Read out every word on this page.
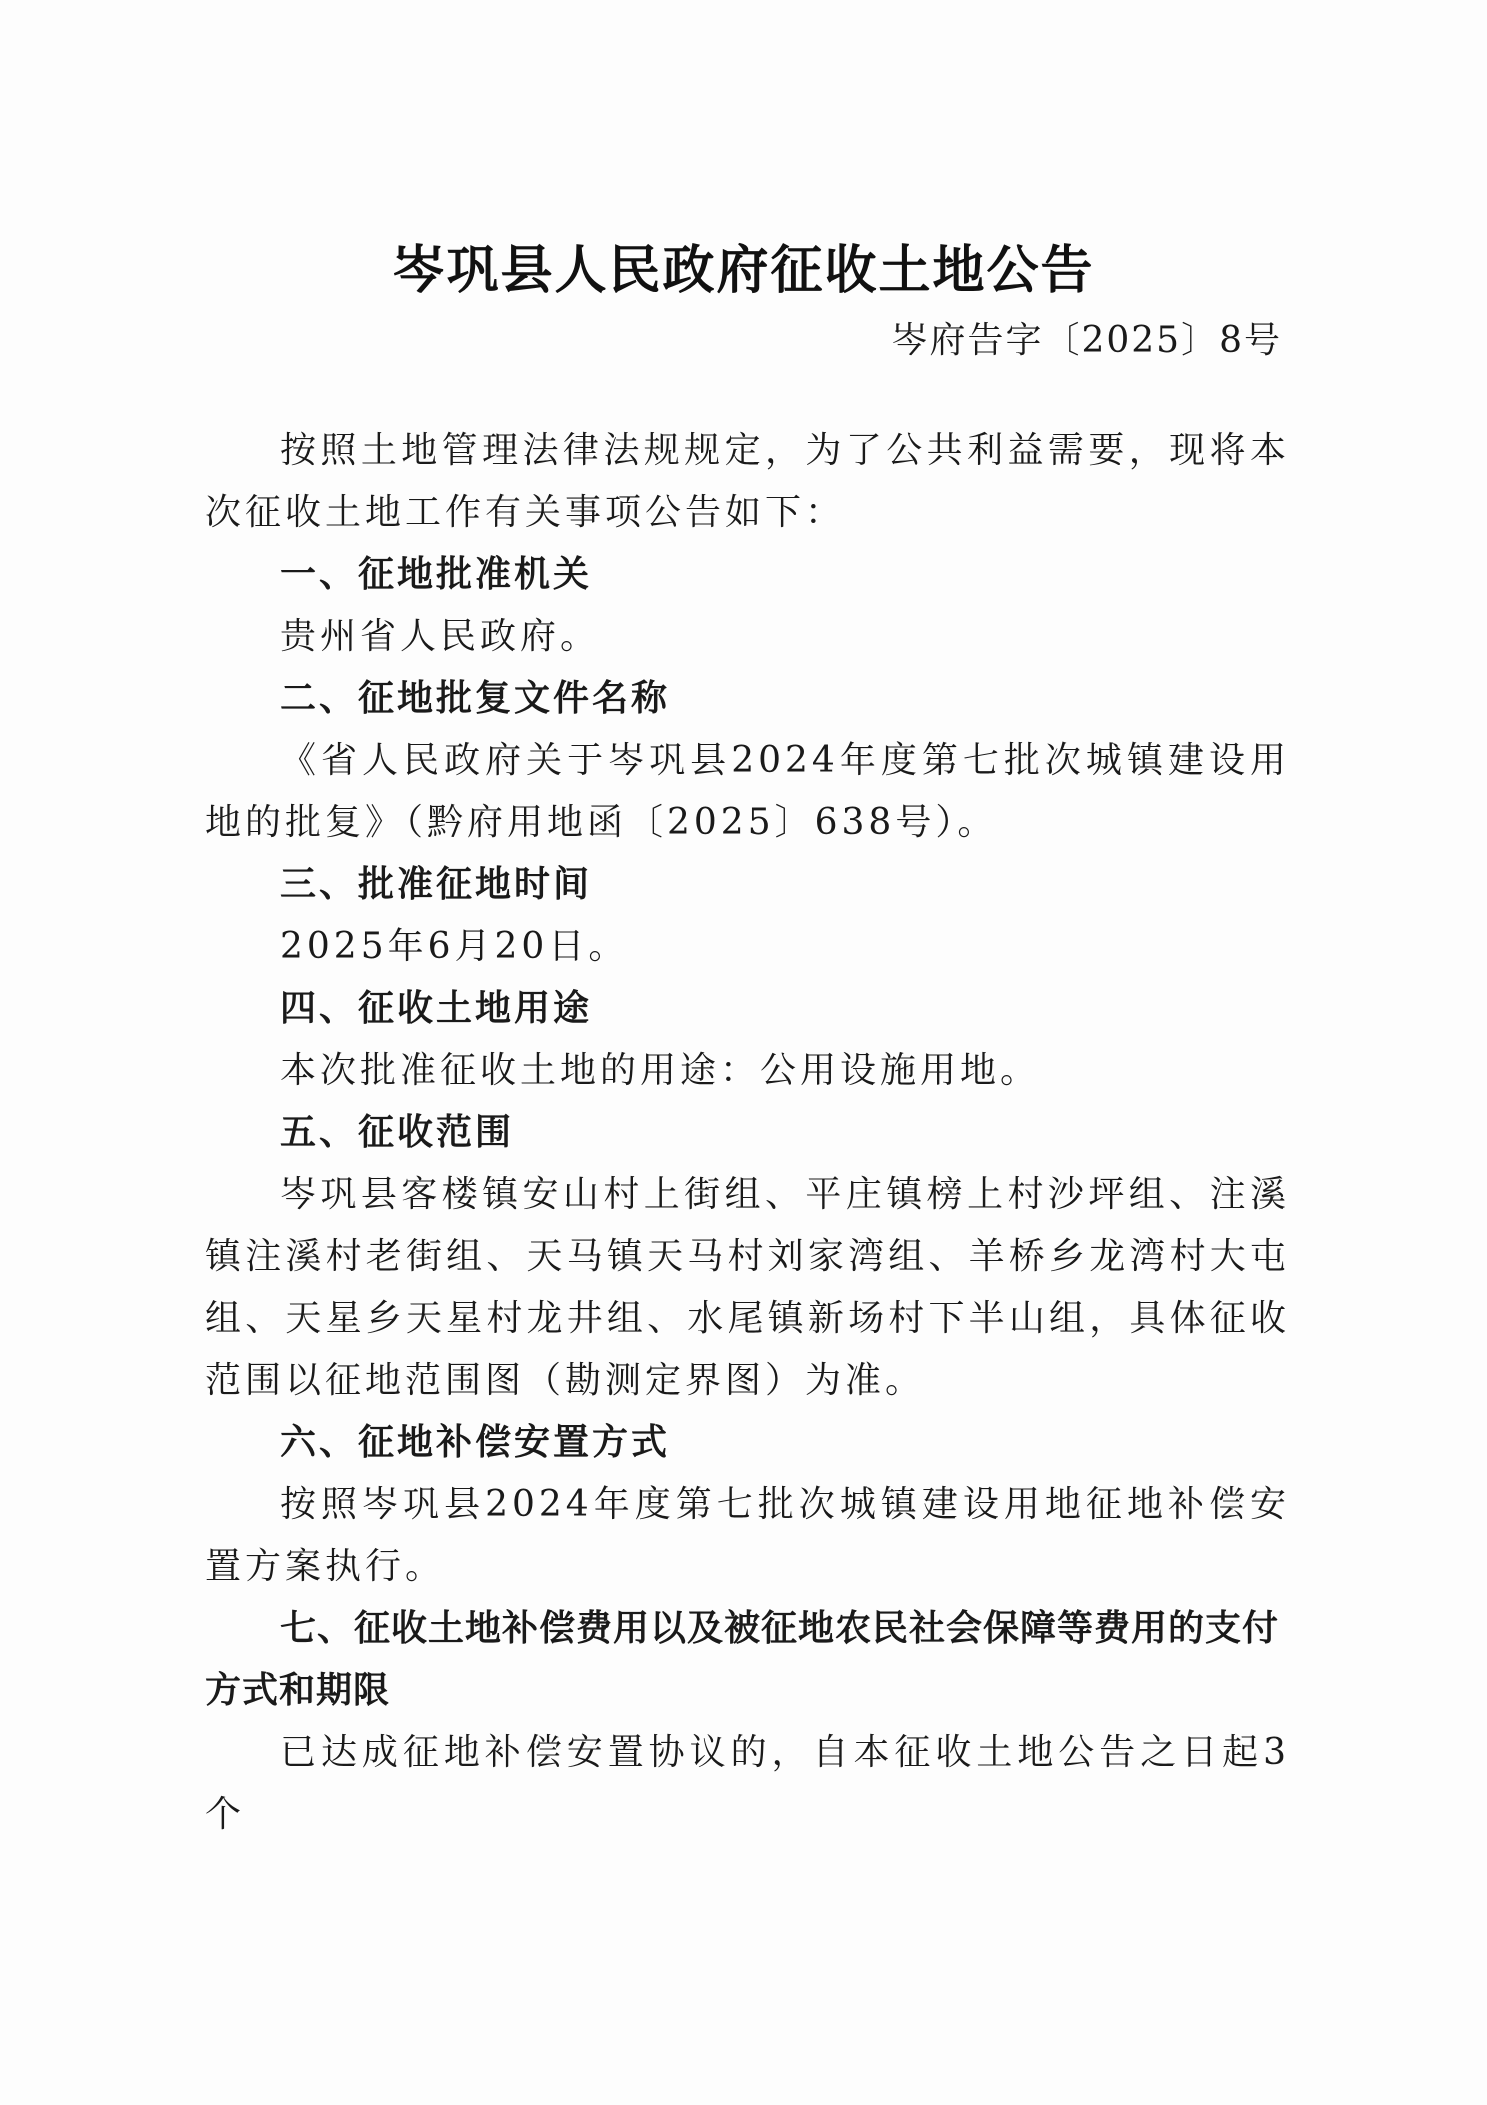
岑巩县人民政府征收土地公告
岑府告字〔2025〕8号

按照土地管理法律法规规定，为了公共利益需要，现将本次征收土地工作有关事项公告如下：

一、征地批准机关

贵州省人民政府。

二、征地批复文件名称

《省人民政府关于岑巩县2024年度第七批次城镇建设用地的批复》（黔府用地函〔2025〕638号）。

三、批准征地时间

2025年6月20日。

四、征收土地用途

本次批准征收土地的用途：公用设施用地。

五、征收范围

岑巩县客楼镇安山村上街组、平庄镇榜上村沙坪组、注溪镇注溪村老街组、天马镇天马村刘家湾组、羊桥乡龙湾村大屯组、天星乡天星村龙井组、水尾镇新场村下半山组，具体征收范围以征地范围图（勘测定界图）为准。

六、征地补偿安置方式

按照岑巩县2024年度第七批次城镇建设用地征地补偿安置方案执行。

七、征收土地补偿费用以及被征地农民社会保障等费用的支付方式和期限

已达成征地补偿安置协议的，自本征收土地公告之日起3个
